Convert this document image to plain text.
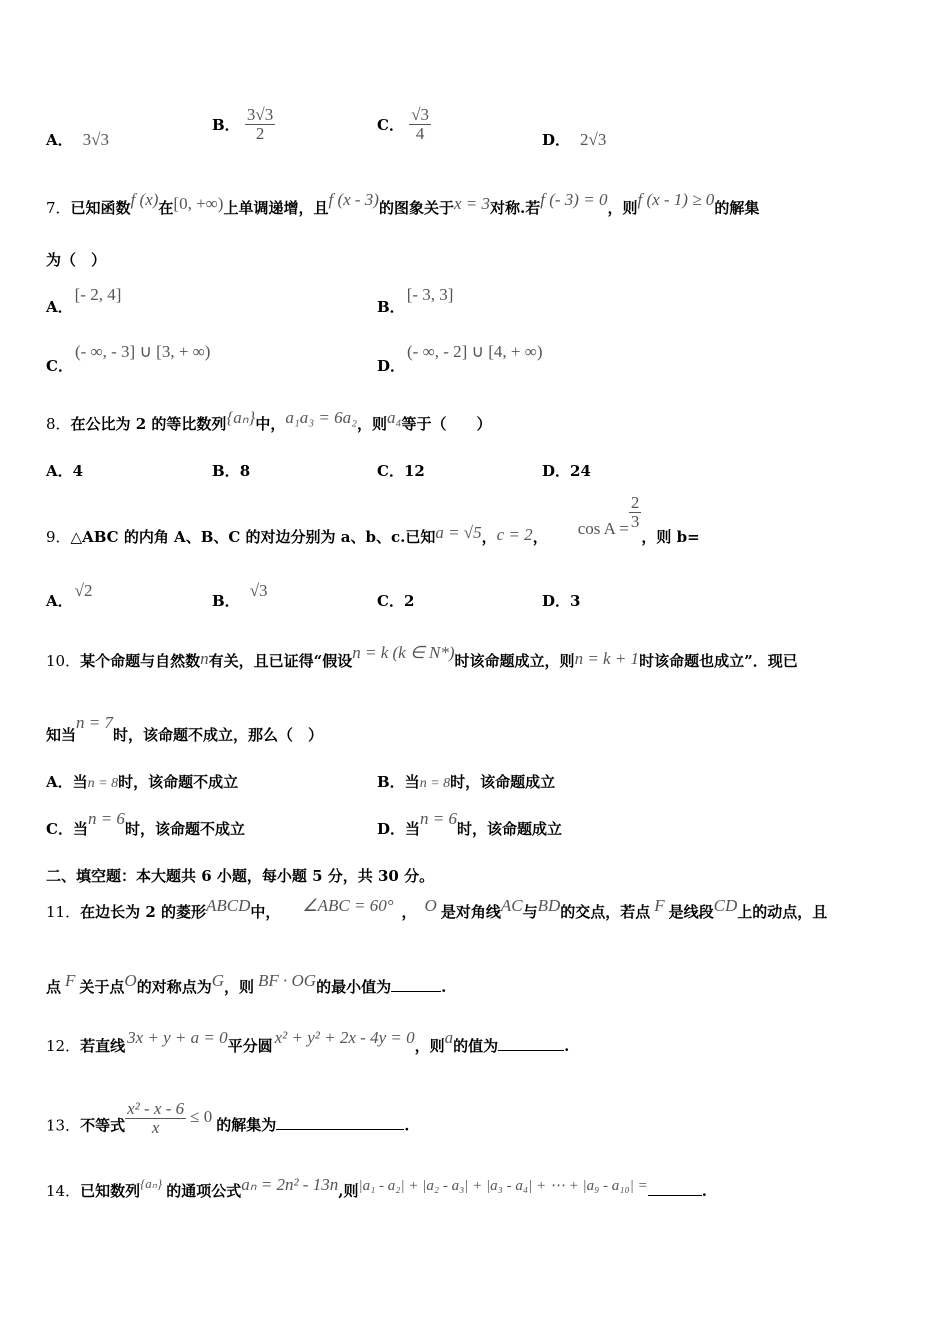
A． 3√3
B． $\frac{3√3}{2}$	C． $\frac{√3}{4}$	D． 2√3
7．已知函数f (x)在[0, +∞)上单调递增，且f (x - 3)的图象关于x = 3对称.若f (- 3) = 0，则f (x - 1) ≥ 0的解集
为（　）
A．[- 2, 4]
B．[- 3, 3]
C．(- ∞, - 3] ∪ [3, + ∞)
D．(- ∞, - 2] ∪ [4, + ∞)
8．在公比为 2 的等比数列{aₙ}中，a₁a₃ = 6a₂，则a₄等于（　　）
A．4	B．8	C．12	D．24
9．△ABC 的内角 A、B、C 的对边分别为 a、b、c.已知a = √5，c = 2， $\cos A = \frac{2}{3}$
，则 b=
A．√2
B．√3
C．2	D．3
10．某个命题与自然数n有关，且已证得“假设n = k (k ∈ N*)时该命题成立，则n = k + 1时该命题也成立”．现已
知当n = 7时，该命题不成立，那么（　）
A．当n = 8时，该命题不成立	B．当n = 8时，该命题成立
C．当n = 6时，该命题不成立	D．当n = 6时，该命题成立
二、填空题：本大题共 6 小题，每小题 5 分，共 30 分。
11．在边长为 2 的菱形ABCD中， ∠ABC = 60° ， O 是对角线AC与BD的交点，若点 F 是线段CD上的动点，且
点 F 关于点O的对称点为G，则 BF · OG的最小值为	.
12．若直线 3x + y + a = 0平分圆 x² + y² + 2x - 4y = 0，则a的值为	.
13．不等式 $\frac{\text{x² - x - 6}}{x} \le 0$ 的解集为	.
14．已知数列{aₙ} 的通项公式aₙ = 2n² - 13n,则|a₁ - a₂| + |a₂ - a₃| + |a₃ - a₄| + ⋯ + |a₉ - a₁₀| =	.
